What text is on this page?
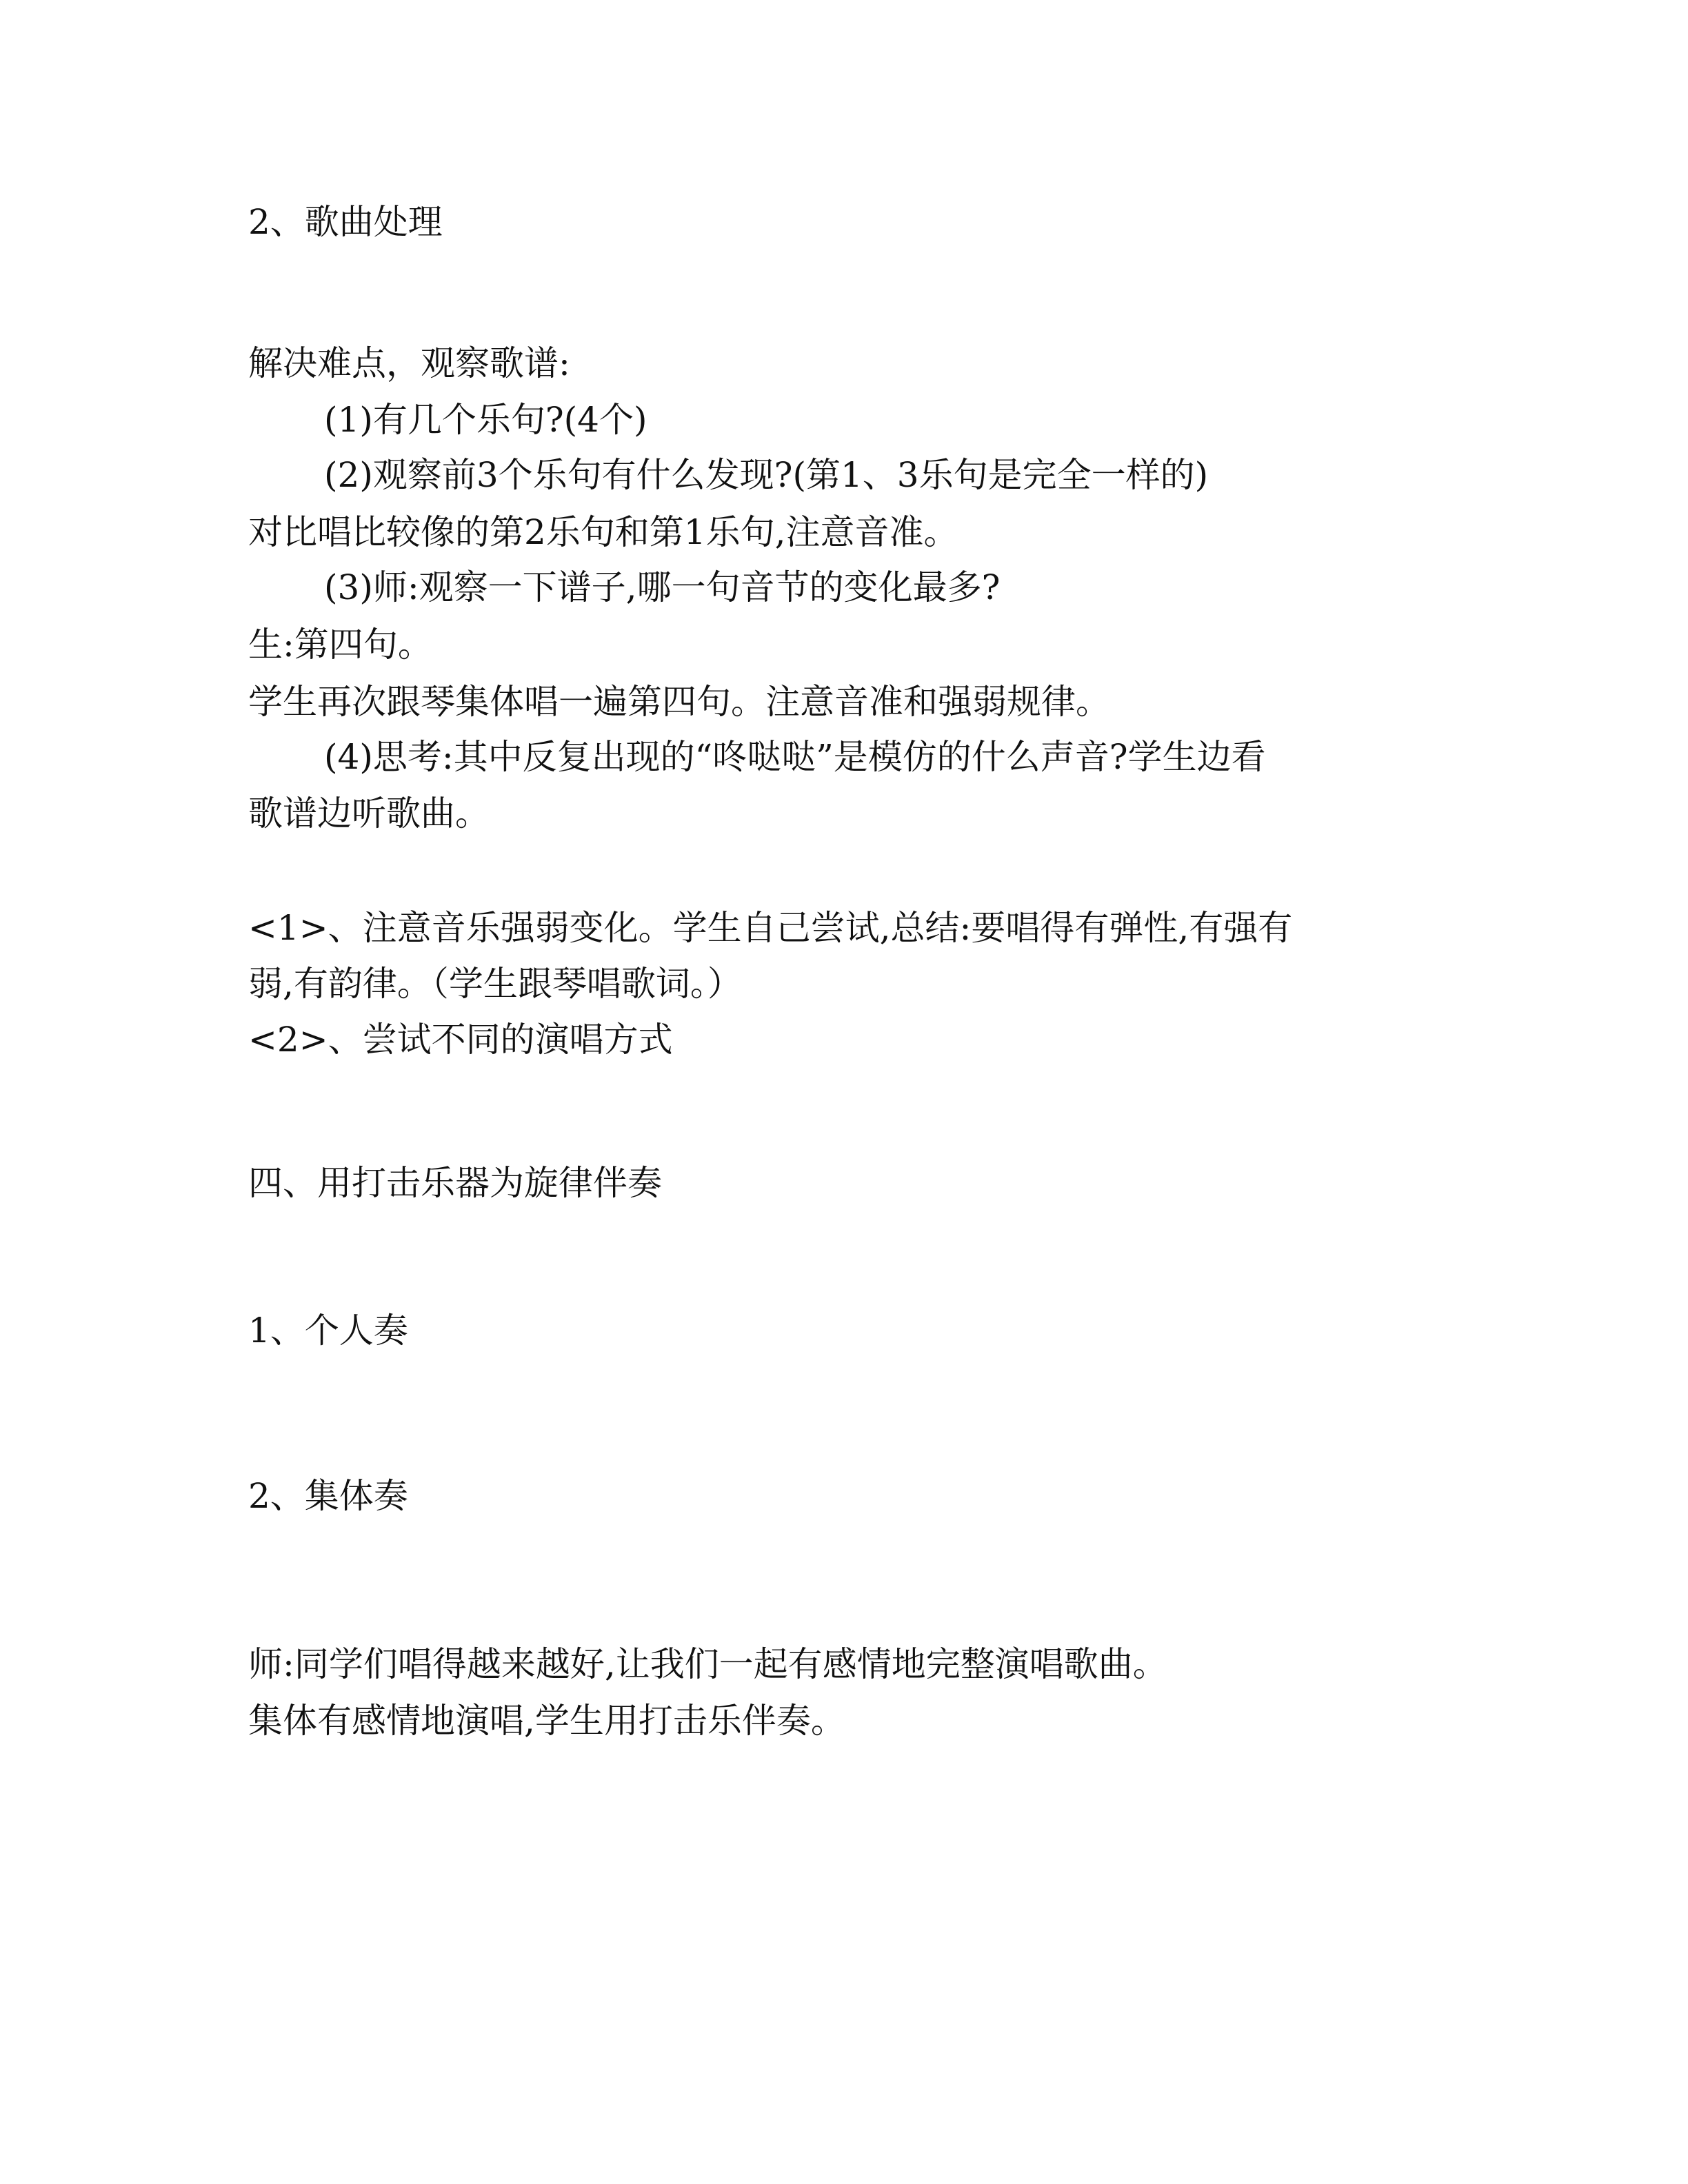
2、歌曲处理
解决难点，观察歌谱:
(1)有几个乐句?(4个)
(2)观察前3个乐句有什么发现?(第1、3乐句是完全一样的)
对比唱比较像的第2乐句和第1乐句,注意音准。
(3)师:观察一下谱子,哪一句音节的变化最多?
生:第四句。
学生再次跟琴集体唱一遍第四句。注意音准和强弱规律。
(4)思考:其中反复出现的“咚哒哒”是模仿的什么声音?学生边看
歌谱边听歌曲。
<1>、注意音乐强弱变化。学生自己尝试,总结:要唱得有弹性,有强有
弱,有韵律。（学生跟琴唱歌词。）
<2>、尝试不同的演唱方式
四、用打击乐器为旋律伴奏
1、个人奏
2、集体奏
师:同学们唱得越来越好,让我们一起有感情地完整演唱歌曲。
集体有感情地演唱,学生用打击乐伴奏。
